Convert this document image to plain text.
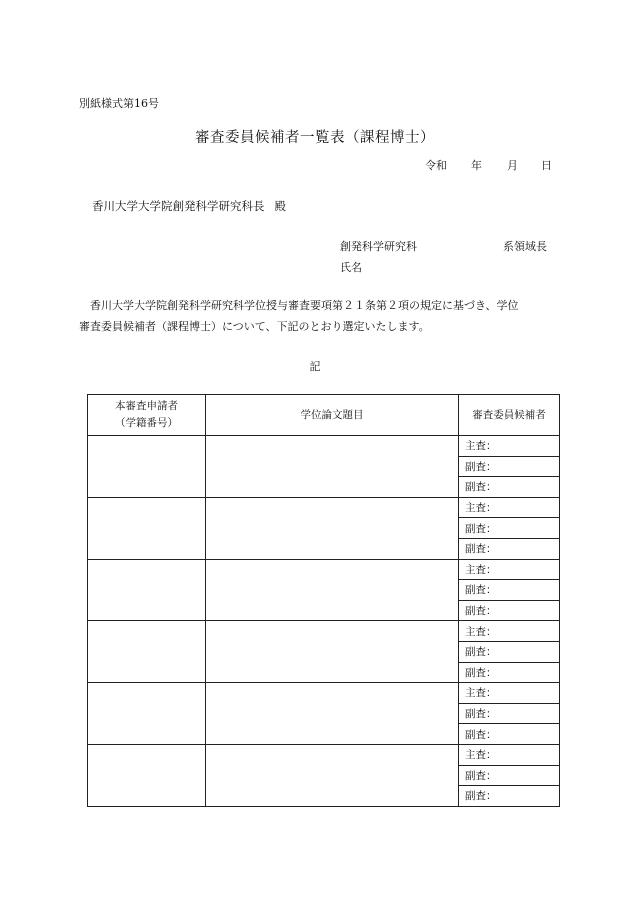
別紙様式第16号
審査委員候補者一覧表（課程博士）
令和 年 月 日
香川大学大学院創発科学研究科長 殿
創発科学研究科	系領域長
氏名
香川大学大学院創発科学研究科学位授与審査要項第２１条第２項の規定に基づき、学位
審査委員候補者（課程博士）について、下記のとおり選定いたします。
記
本審査申請者
（学籍番号）	学位論文題目	審査委員候補者
		主査：
		副査：
		副査：
		主査：
		副査：
		副査：
		主査：
		副査：
		副査：
		主査：
		副査：
		副査：
		主査：
		副査：
		副査：
		主査：
		副査：
		副査：
